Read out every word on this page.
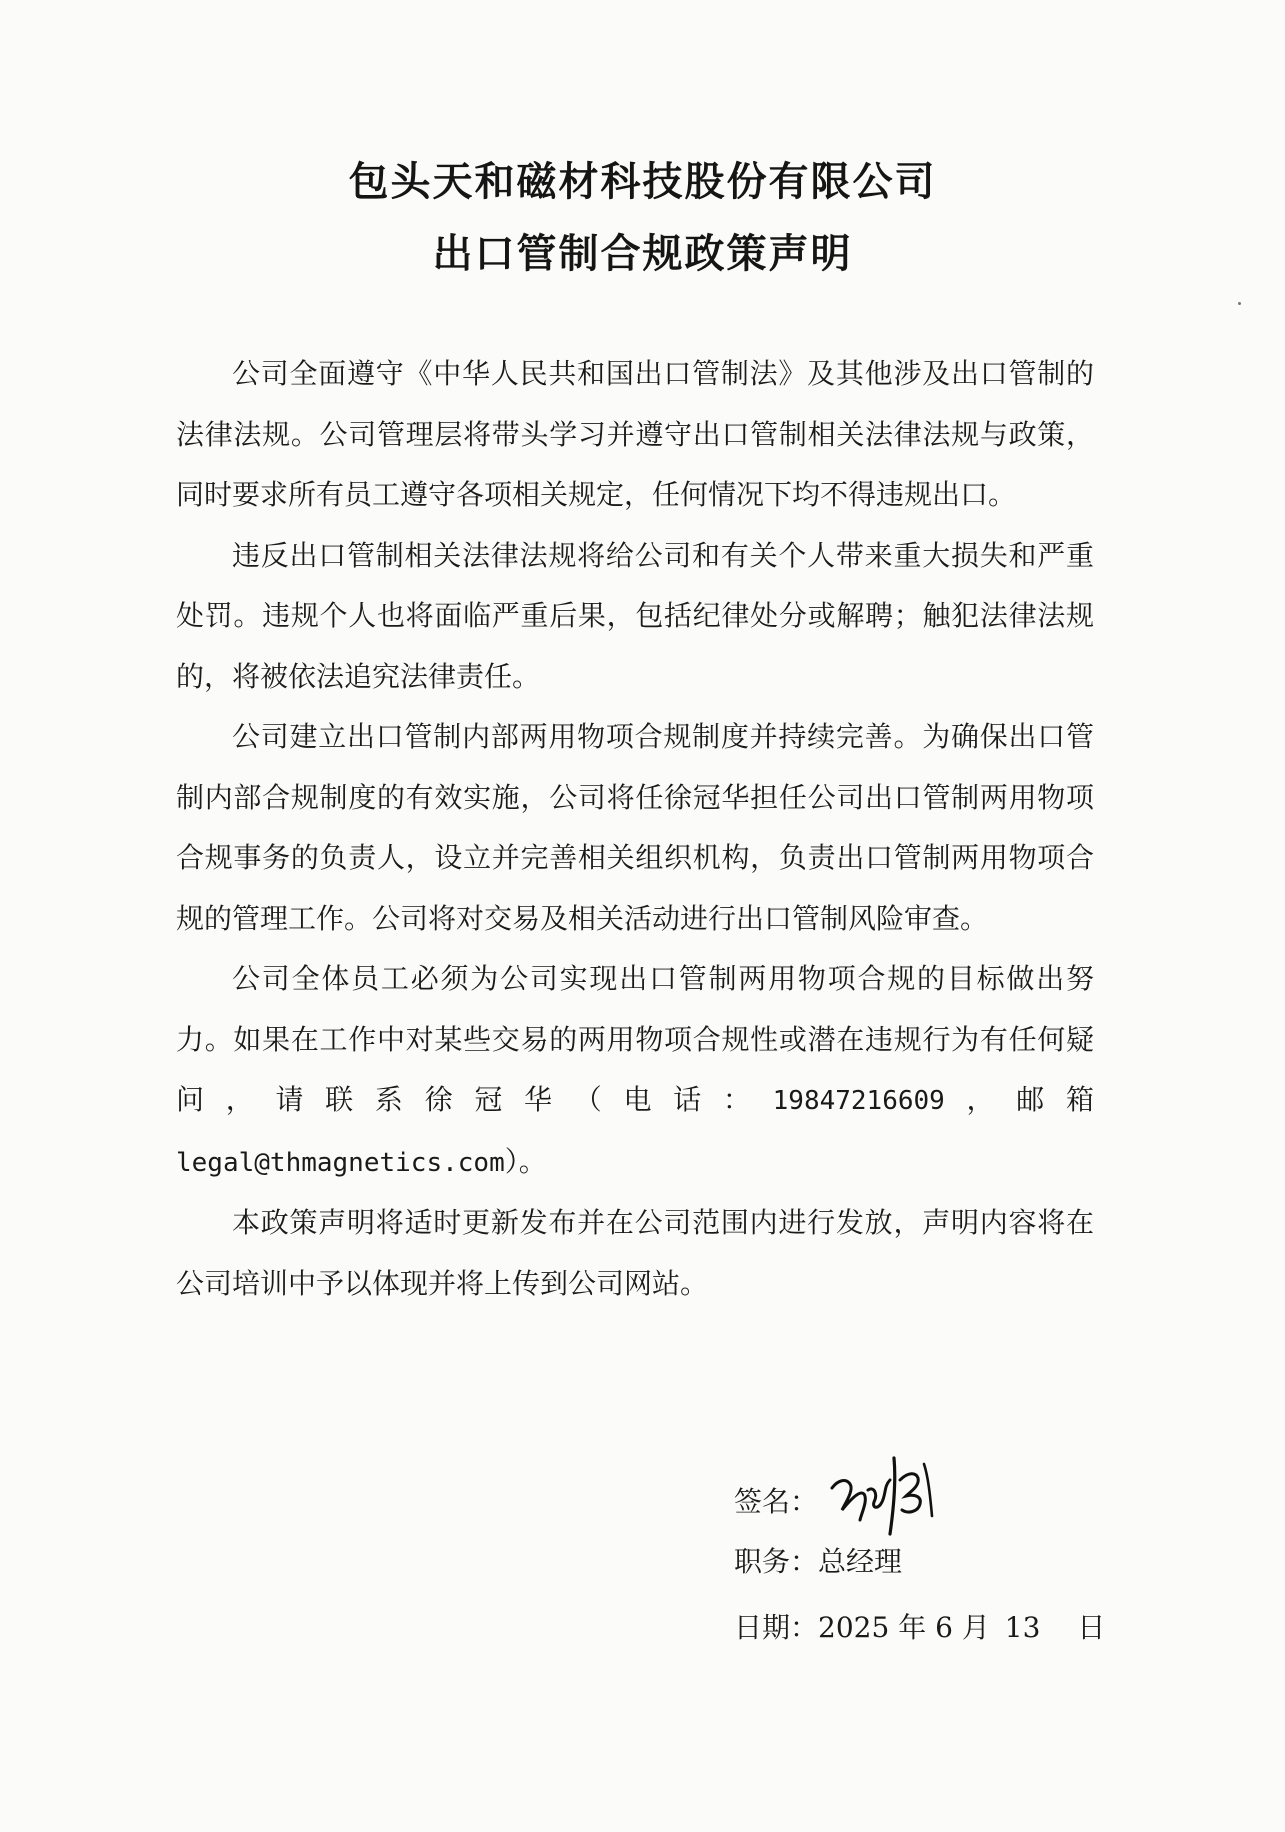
包头天和磁材科技股份有限公司
出口管制合规政策声明

公司全面遵守《中华人民共和国出口管制法》及其他涉及出口管制的法律法规。公司管理层将带头学习并遵守出口管制相关法律法规与政策，同时要求所有员工遵守各项相关规定，任何情况下均不得违规出口。

违反出口管制相关法律法规将给公司和有关个人带来重大损失和严重处罚。违规个人也将面临严重后果，包括纪律处分或解聘；触犯法律法规的，将被依法追究法律责任。

公司建立出口管制内部两用物项合规制度并持续完善。为确保出口管制内部合规制度的有效实施，公司将任徐冠华担任公司出口管制两用物项合规事务的负责人，设立并完善相关组织机构，负责出口管制两用物项合规的管理工作。公司将对交易及相关活动进行出口管制风险审查。

公司全体员工必须为公司实现出口管制两用物项合规的目标做出努力。如果在工作中对某些交易的两用物项合规性或潜在违规行为有任何疑问，请联系徐冠华（电话：19847216609，邮箱 legal@thmagnetics.com）。

本政策声明将适时更新发布并在公司范围内进行发放，声明内容将在公司培训中予以体现并将上传到公司网站。

签名：
职务：总经理
日期：2025 年 6 月 13 日
